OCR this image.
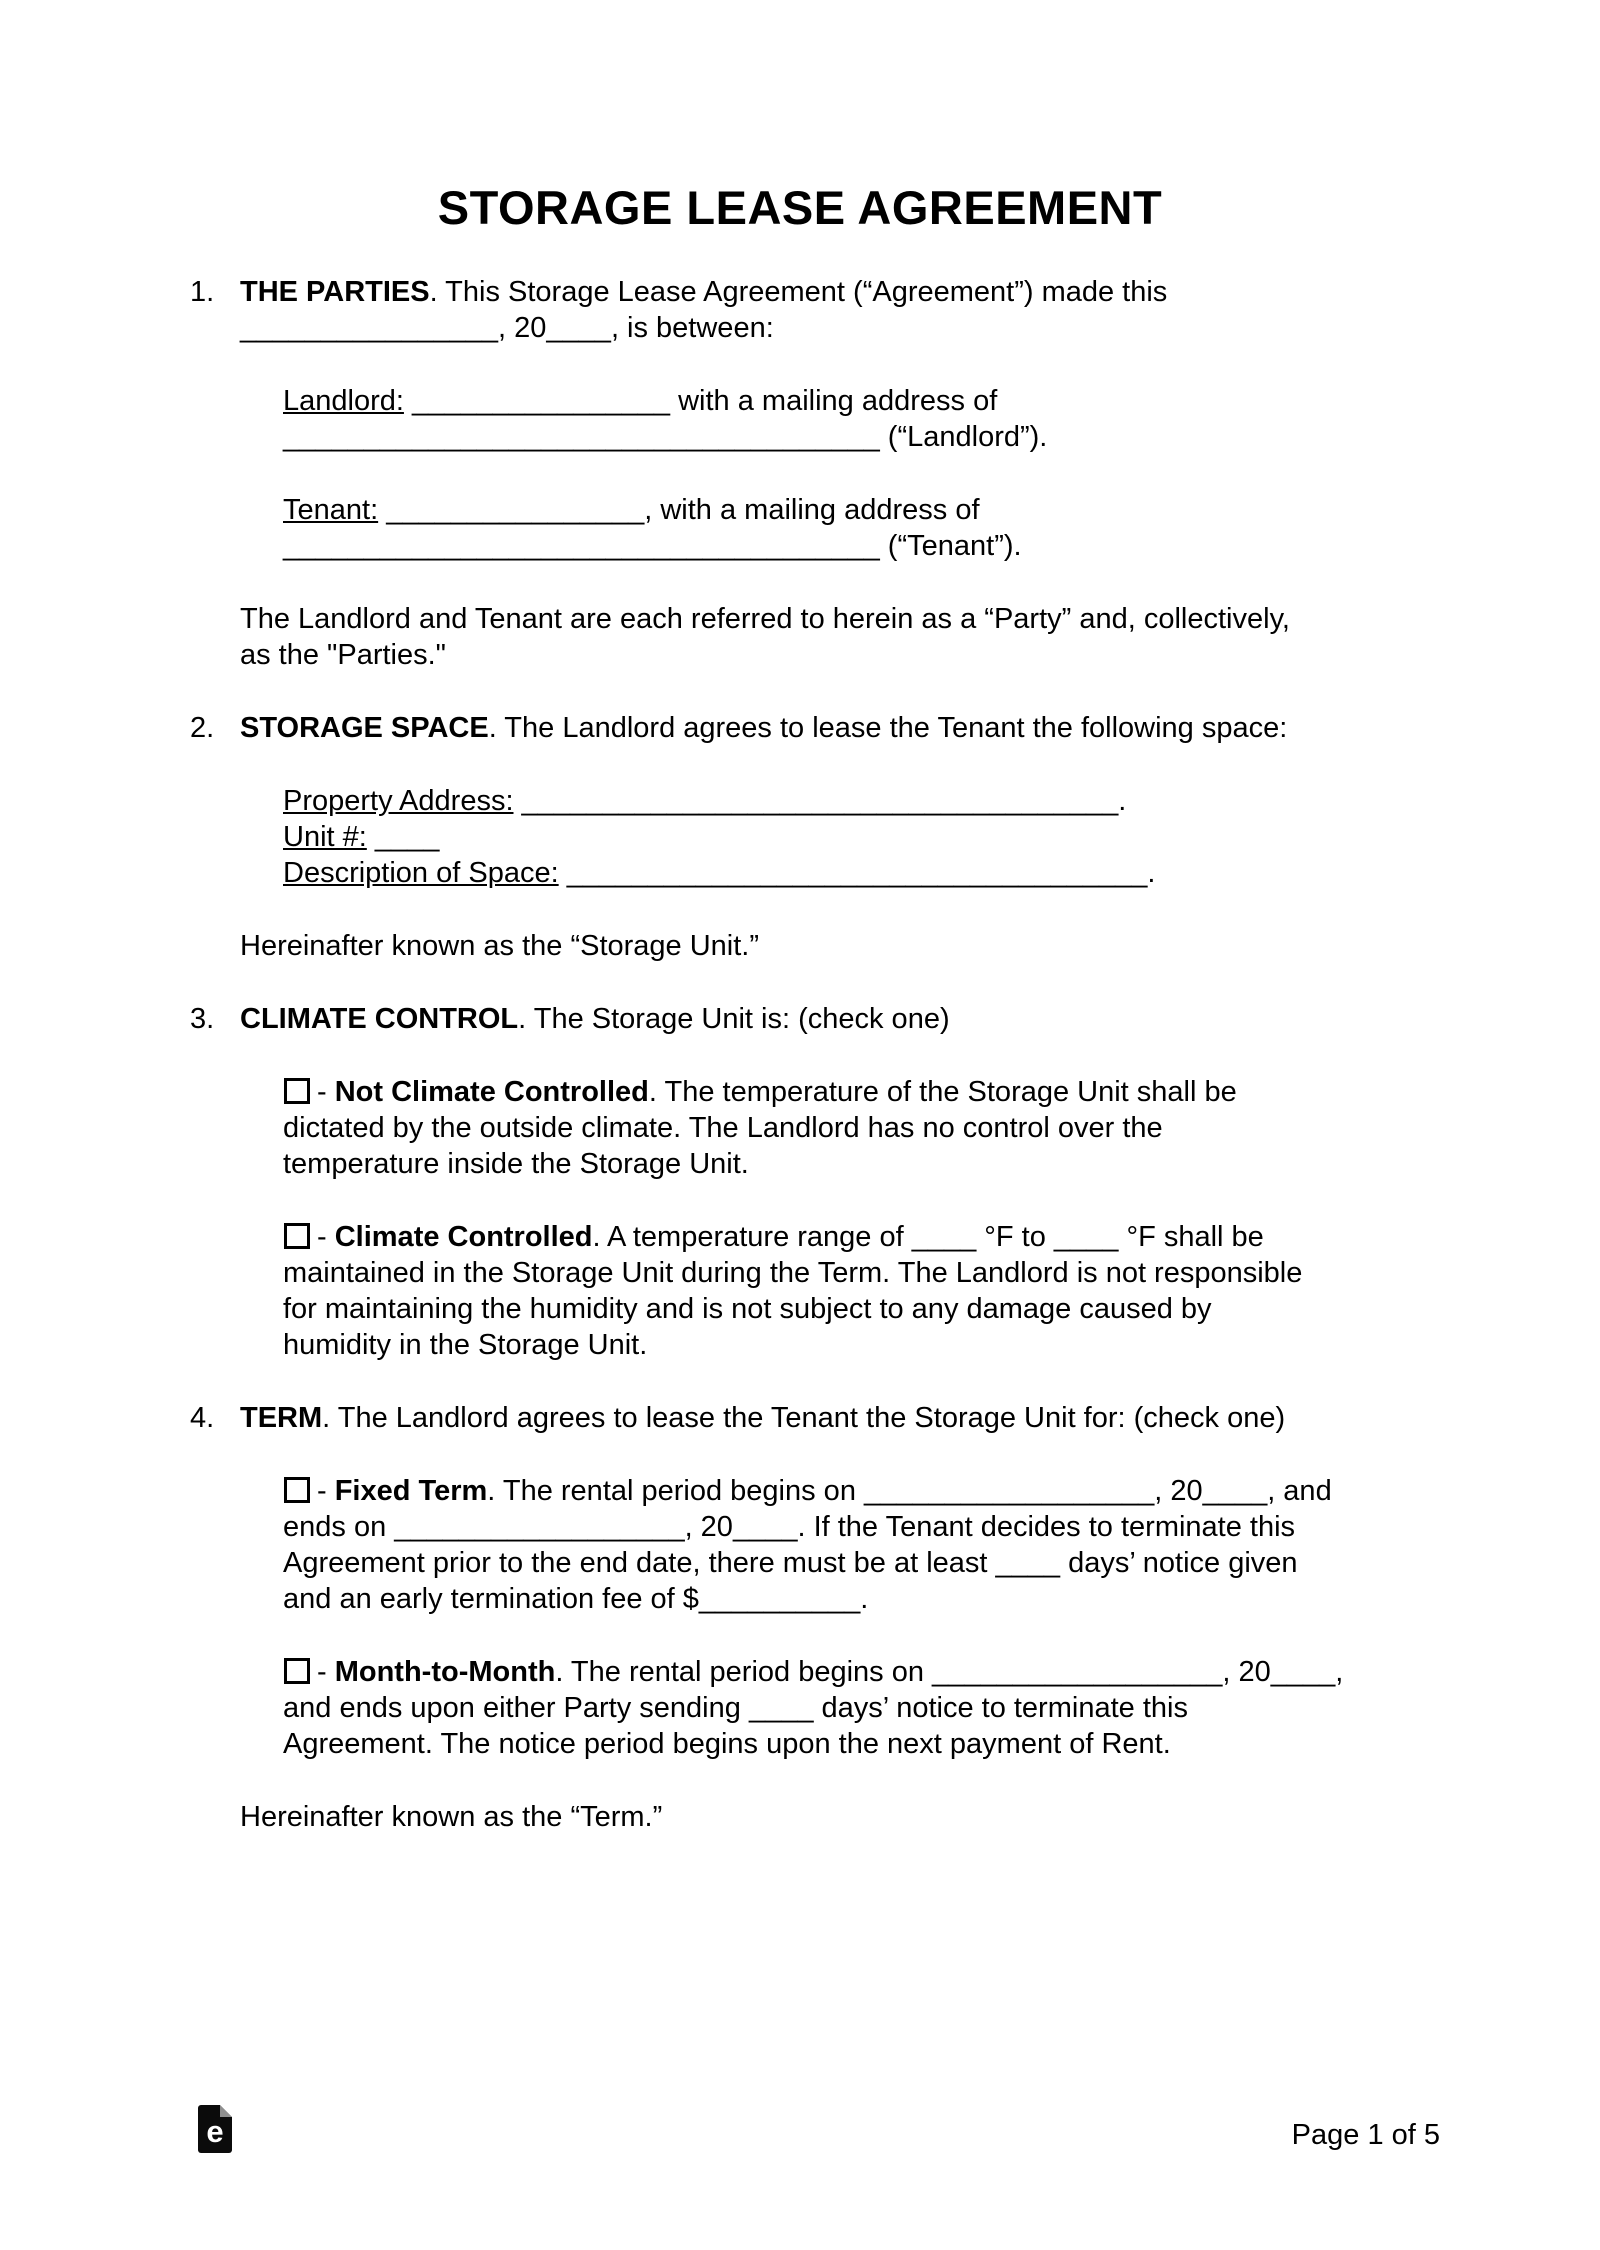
STORAGE LEASE AGREEMENT
1. THE PARTIES. This Storage Lease Agreement (“Agreement”) made this
________________, 20____, is between:
Landlord: ________________ with a mailing address of
_____________________________________ (“Landlord”).
Tenant: ________________, with a mailing address of
_____________________________________ (“Tenant”).
The Landlord and Tenant are each referred to herein as a “Party” and, collectively,
as the "Parties."
2. STORAGE SPACE. The Landlord agrees to lease the Tenant the following space:
Property Address: _____________________________________.
Unit #: ____
Description of Space: ____________________________________.
Hereinafter known as the “Storage Unit.”
3. CLIMATE CONTROL. The Storage Unit is: (check one)
- Not Climate Controlled. The temperature of the Storage Unit shall be
dictated by the outside climate. The Landlord has no control over the
temperature inside the Storage Unit.
- Climate Controlled. A temperature range of ____ °F to ____ °F shall be
maintained in the Storage Unit during the Term. The Landlord is not responsible
for maintaining the humidity and is not subject to any damage caused by
humidity in the Storage Unit.
4. TERM. The Landlord agrees to lease the Tenant the Storage Unit for: (check one)
- Fixed Term. The rental period begins on __________________, 20____, and
ends on __________________, 20____. If the Tenant decides to terminate this
Agreement prior to the end date, there must be at least ____ days’ notice given
and an early termination fee of $__________.
- Month-to-Month. The rental period begins on __________________, 20____,
and ends upon either Party sending ____ days’ notice to terminate this
Agreement. The notice period begins upon the next payment of Rent.
Hereinafter known as the “Term.”
e	Page 1 of 5
